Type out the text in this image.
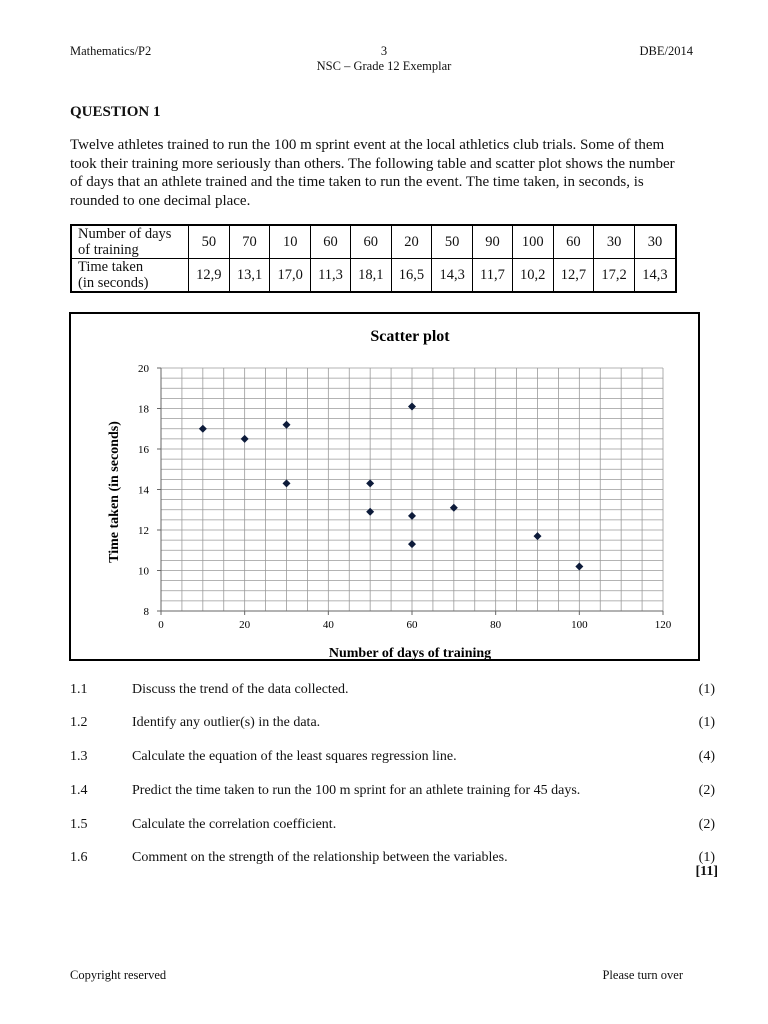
Mathematics/P2	3
NSC – Grade 12 Exemplar
DBE/2014
QUESTION 1
Twelve athletes trained to run the 100 m sprint event at the local athletics club trials. Some of them took their training more seriously than others. The following table and scatter plot shows the number of days that an athlete trained and the time taken to run the event. The time taken, in seconds, is rounded to one decimal place.
Number of days
of training	50	70	10	60	60	20	50	90	100	60	30	30
Time taken
(in seconds)	12,9	13,1	17,0	11,3	18,1	16,5	14,3	11,7	10,2	12,7	17,2	14,3
Scatter plot
0	20	40	60	80	100	120
8
10
12
14
16
18
20
Number of days of training
Time taken (in seconds)
1.1	Discuss the trend of the data collected.	(1)
1.2	Identify any outlier(s) in the data.	(1)
1.3	Calculate the equation of the least squares regression line.	(4)
1.4	Predict the time taken to run the 100 m sprint for an athlete training for 45 days.	(2)
1.5	Calculate the correlation coefficient.	(2)
1.6	Comment on the strength of the relationship between the variables.	(1)
[11]
Copyright reserved	Please turn over
